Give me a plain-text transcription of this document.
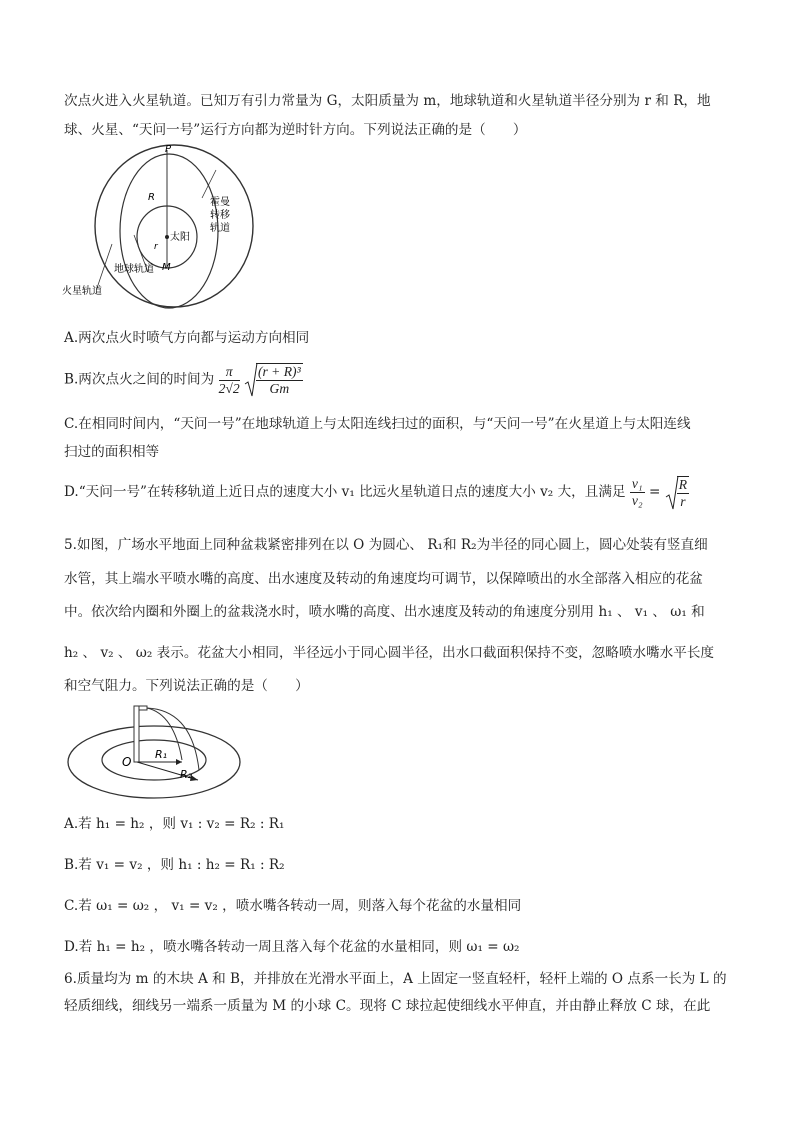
次点火进入火星轨道。已知万有引力常量为 G，太阳质量为 m，地球轨道和火星轨道半径分别为 r 和 R，地
球、火星、“天问一号”运行方向都为逆时针方向。下列说法正确的是（　　）
P
R
r
M
太阳
霍曼
转移
轨道
地球轨道
火星轨道
A.两次点火时喷气方向都与运动方向相同
B.两次点火之间的时间为 $\frac{\pi}{2√2}$
$\frac{\text{(r + R)³}}{Gm}$
C.在相同时间内，“天问一号”在地球轨道上与太阳连线扫过的面积，与“天问一号”在火星道上与太阳连线
扫过的面积相等
D.“天问一号”在转移轨道上近日点的速度大小 v₁ 比远火星轨道日点的速度大小 v₂ 大，且满足 $\frac{\text{v₁}}{\text{v₂}} = \frac{R}{r}$
5.如图，广场水平地面上同种盆栽紧密排列在以 O 为圆心、 R₁和 R₂为半径的同心圆上，圆心处装有竖直细
水管，其上端水平喷水嘴的高度、出水速度及转动的角速度均可调节，以保障喷出的水全部落入相应的花盆
中。依次给内圈和外圈上的盆栽浇水时，喷水嘴的高度、出水速度及转动的角速度分别用 h₁ 、 v₁ 、 ω₁ 和
h₂ 、 v₂ 、 ω₂ 表示。花盆大小相同，半径远小于同心圆半径，出水口截面积保持不变，忽略喷水嘴水平长度
和空气阻力。下列说法正确的是（　　）
O
R₁
R₂
A.若 h₁ = h₂ ，则 v₁ : v₂ = R₂ : R₁
B.若 v₁ = v₂ ，则 h₁ : h₂ = R₁ : R₂
C.若 ω₁ = ω₂ ， v₁ = v₂ ，喷水嘴各转动一周，则落入每个花盆的水量相同
D.若 h₁ = h₂ ，喷水嘴各转动一周且落入每个花盆的水量相同，则 ω₁ = ω₂
6.质量均为 m 的木块 A 和 B，并排放在光滑水平面上，A 上固定一竖直轻杆，轻杆上端的 O 点系一长为 L 的
轻质细线，细线另一端系一质量为 M 的小球 C。现将 C 球拉起使细线水平伸直，并由静止释放 C 球，在此
